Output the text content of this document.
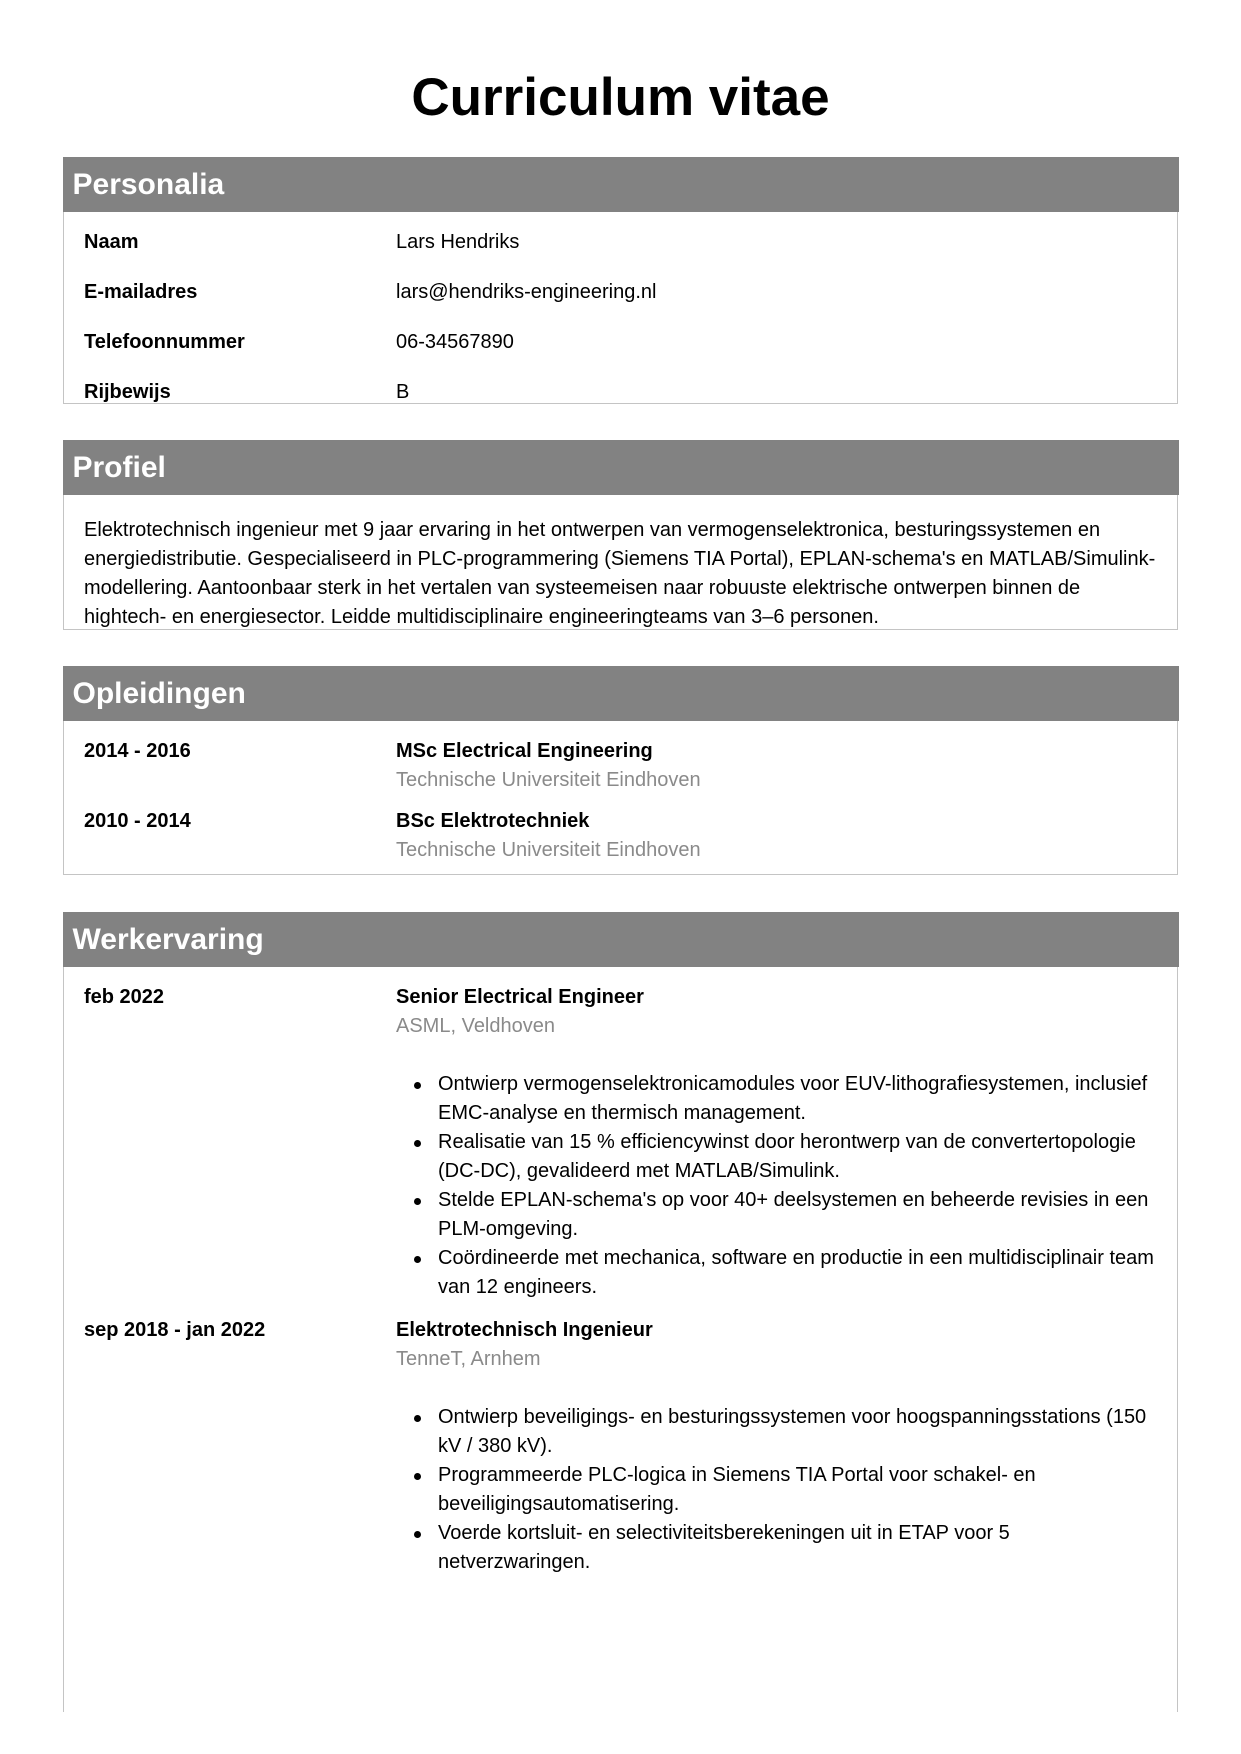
Curriculum vitae
Personalia
Naam	Lars Hendriks
E-mailadres	lars@hendriks-engineering.nl
Telefoonnummer	06-34567890
Rijbewijs	B
Profiel
Elektrotechnisch ingenieur met 9 jaar ervaring in het ontwerpen van vermogenselektronica, besturingssystemen en energiedistributie. Gespecialiseerd in PLC-programmering (Siemens TIA Portal), EPLAN-schema's en MATLAB/Simulink-modellering. Aantoonbaar sterk in het vertalen van systeemeisen naar robuuste elektrische ontwerpen binnen de hightech- en energiesector. Leidde multidisciplinaire engineeringteams van 3–6 personen.
Opleidingen
2014 - 2016	MSc Electrical Engineering
Technische Universiteit Eindhoven
2010 - 2014	BSc Elektrotechniek
Technische Universiteit Eindhoven
Werkervaring
feb 2022	Senior Electrical Engineer
ASML, Veldhoven
Ontwierp vermogenselektronicamodules voor EUV-lithografiesystemen, inclusief EMC-analyse en thermisch management.
Realisatie van 15 % efficiencywinst door herontwerp van de convertertopologie (DC-DC), gevalideerd met MATLAB/Simulink.
Stelde EPLAN-schema's op voor 40+ deelsystemen en beheerde revisies in een PLM-omgeving.
Coördineerde met mechanica, software en productie in een multidisciplinair team van 12 engineers.
sep 2018 - jan 2022	Elektrotechnisch Ingenieur
TenneT, Arnhem
Ontwierp beveiligings- en besturingssystemen voor hoogspanningsstations (150 kV / 380 kV).
Programmeerde PLC-logica in Siemens TIA Portal voor schakel- en beveiligingsautomatisering.
Voerde kortsluit- en selectiviteitsberekeningen uit in ETAP voor 5 netverzwaringen.
